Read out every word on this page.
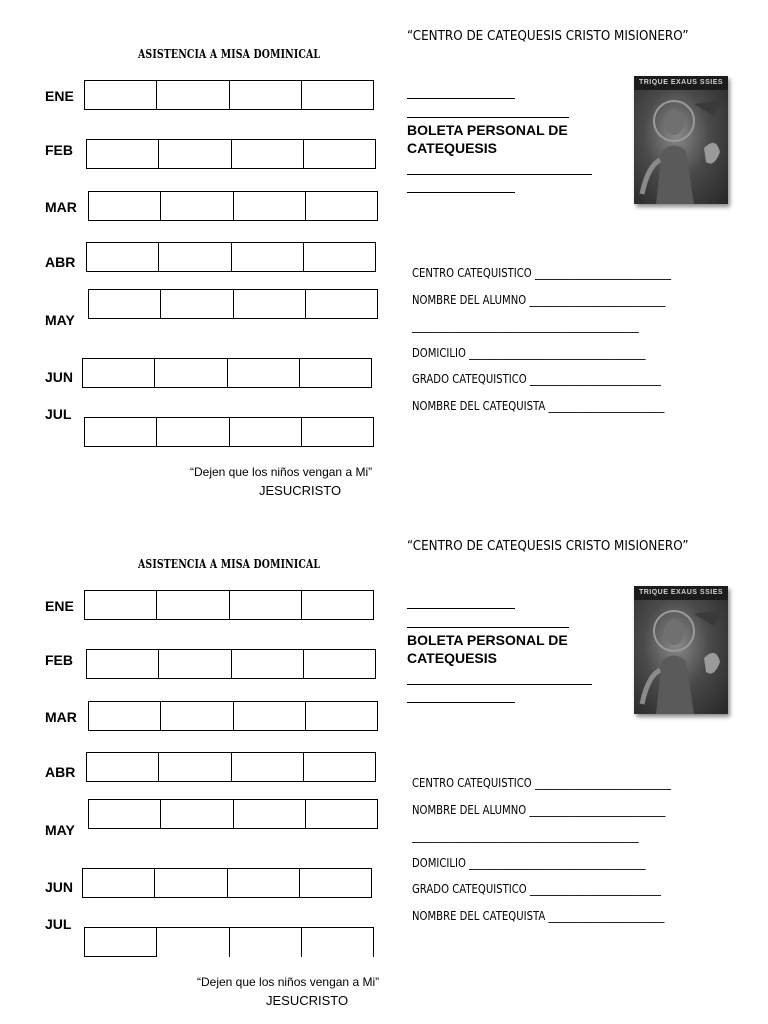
ASISTENCIA A MISA DOMINICAL
ENE
FEB
MAR
ABR
MAY
JUN
JUL
“CENTRO DE CATEQUESIS CRISTO MISIONERO”
BOLETA PERSONAL DE CATEQUESIS
TRIQUE EXAUS SSIES
CENTRO CATEQUISTICO ___________________________
NOMBRE DEL ALUMNO ___________________________
_____________________________________________
DOMICILIO ___________________________________
GRADO CATEQUISTICO __________________________
NOMBRE DEL CATEQUISTA _______________________
“Dejen que los niños vengan a Mi”
JESUCRISTO
ASISTENCIA A MISA DOMINICAL
ENE
FEB
MAR
ABR
MAY
JUN
JUL
“CENTRO DE CATEQUESIS CRISTO MISIONERO”
BOLETA PERSONAL DE CATEQUESIS
TRIQUE EXAUS SSIES
CENTRO CATEQUISTICO ___________________________
NOMBRE DEL ALUMNO ___________________________
_____________________________________________
DOMICILIO ___________________________________
GRADO CATEQUISTICO __________________________
NOMBRE DEL CATEQUISTA _______________________
“Dejen que los niños vengan a Mi”
JESUCRISTO
